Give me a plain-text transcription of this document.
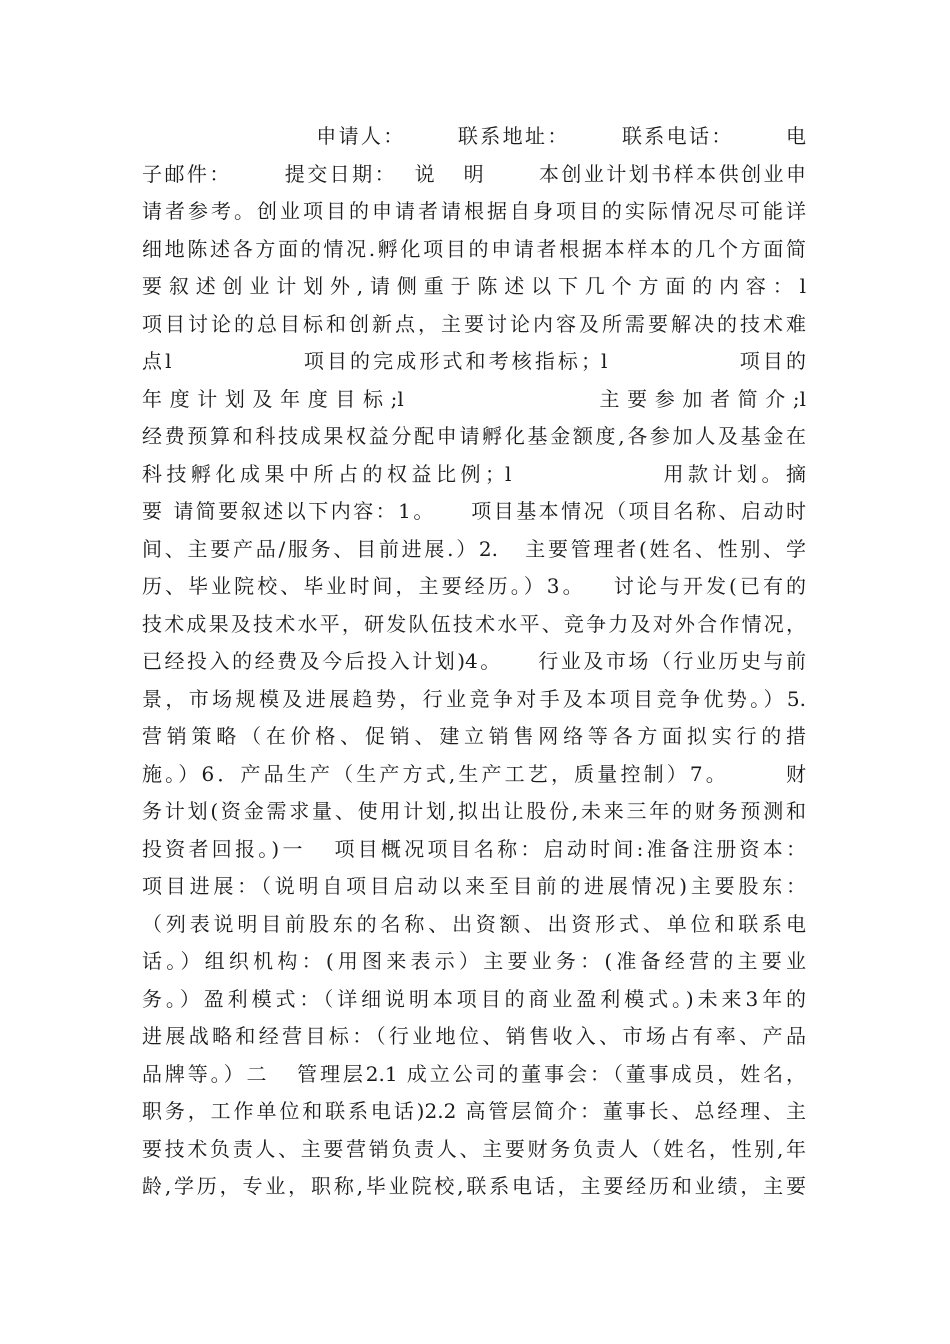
申请人：      联系地址：      联系电话：      电
子邮件：      提交日期：  说   明      本创业计划书样本供创业申
请者参考。创业项目的申请者请根据自身项目的实际情况尽可能详
细地陈述各方面的情况.孵化项目的申请者根据本样本的几个方面简
要叙述创业计划外,请侧重于陈述以下几个方面的内容：l
项目讨论的总目标和创新点，主要讨论内容及所需要解决的技术难
点l              项目的完成形式和考核指标；l              项目的
年度计划及年度目标;l              主要参加者简介;l
经费预算和科技成果权益分配申请孵化基金额度,各参加人及基金在
科技孵化成果中所占的权益比例；l              用款计划。摘
要 请简要叙述以下内容：1。    项目基本情况（项目名称、启动时
间、主要产品/服务、目前进展.）2.   主要管理者(姓名、性别、学
历、毕业院校、毕业时间，主要经历。）3。   讨论与开发(已有的
技术成果及技术水平，研发队伍技术水平、竞争力及对外合作情况，
已经投入的经费及今后投入计划)4。    行业及市场（行业历史与前
景，市场规模及进展趋势，行业竞争对手及本项目竞争优势。）5.
营销策略（在价格、促销、建立销售网络等各方面拟实行的措
施。）6．产品生产（生产方式,生产工艺，质量控制）7。      财
务计划(资金需求量、使用计划,拟出让股份,未来三年的财务预测和
投资者回报。)一   项目概况项目名称：启动时间:准备注册资本：
项目进展：（说明自项目启动以来至目前的进展情况)主要股东：
（列表说明目前股东的名称、出资额、出资形式、单位和联系电
话。）组织机构：(用图来表示）主要业务：(准备经营的主要业
务。）盈利模式：（详细说明本项目的商业盈利模式。)未来3年的
进展战略和经营目标：（行业地位、销售收入、市场占有率、产品
品牌等。）二   管理层2.1 成立公司的董事会：（董事成员，姓名，
职务，工作单位和联系电话)2.2 高管层简介：董事长、总经理、主
要技术负责人、主要营销负责人、主要财务负责人（姓名，性别,年
龄,学历，专业，职称,毕业院校,联系电话，主要经历和业绩，主要
